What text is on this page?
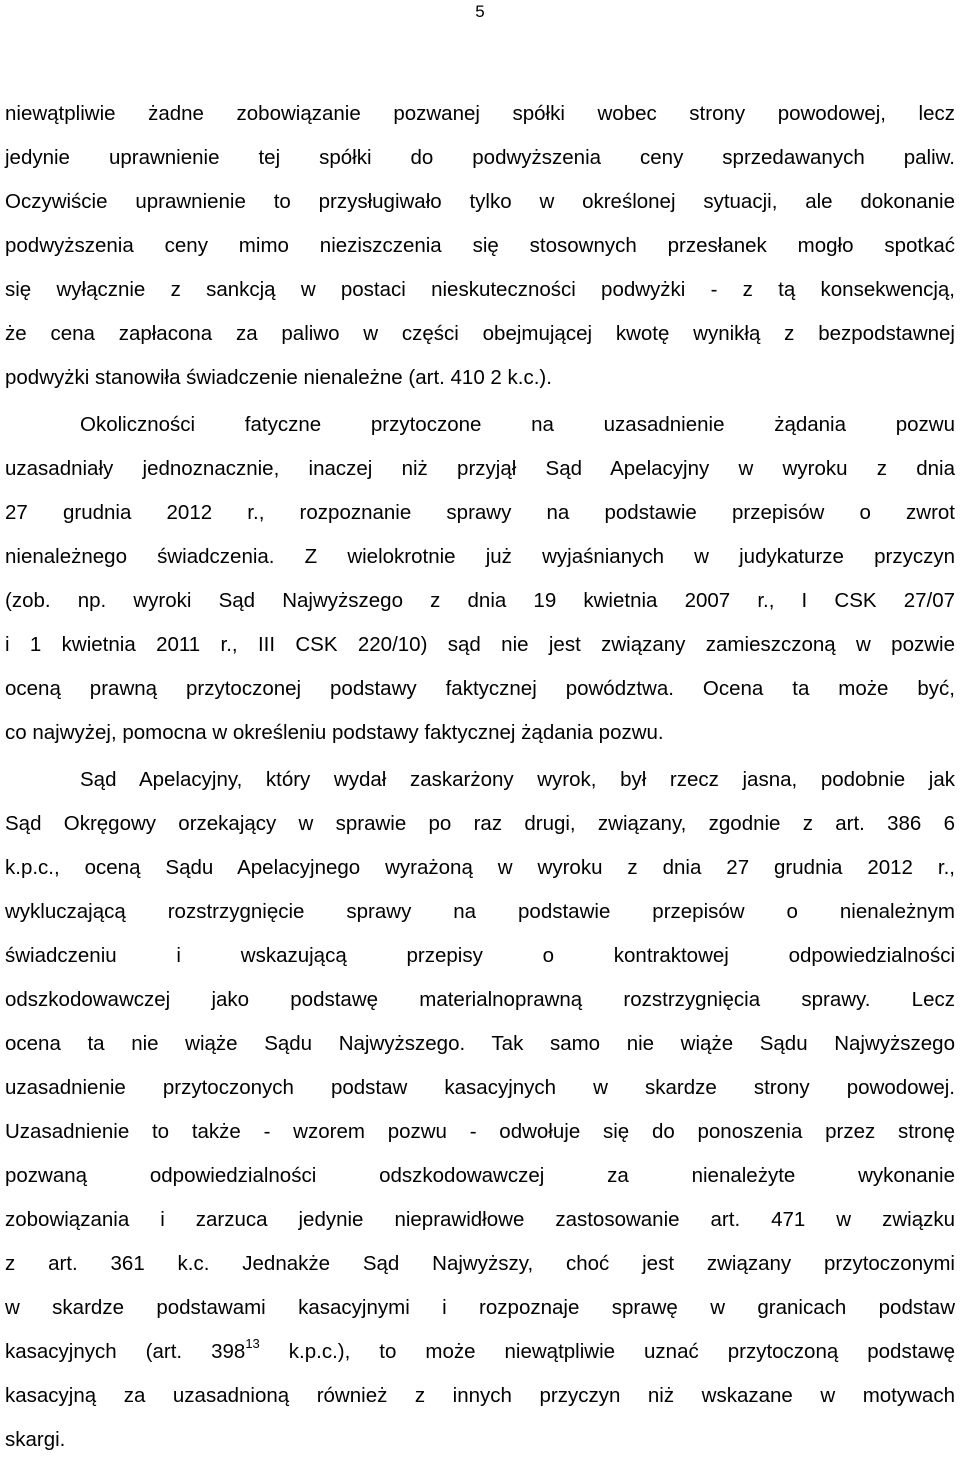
5
niewątpliwie żadne zobowiązanie pozwanej spółki wobec strony powodowej, lecz
jedynie uprawnienie tej spółki do podwyższenia ceny sprzedawanych paliw.
Oczywiście uprawnienie to przysługiwało tylko w określonej sytuacji, ale dokonanie
podwyższenia ceny mimo nieziszczenia się stosownych przesłanek mogło spotkać
się wyłącznie z sankcją w postaci nieskuteczności podwyżki - z tą konsekwencją,
że cena zapłacona za paliwo w części obejmującej kwotę wynikłą z bezpodstawnej
podwyżki stanowiła świadczenie nienależne (art. 410 2 k.c.).
Okoliczności fatyczne przytoczone na uzasadnienie żądania pozwu
uzasadniały jednoznacznie, inaczej niż przyjął Sąd Apelacyjny w wyroku z dnia
27 grudnia 2012 r., rozpoznanie sprawy na podstawie przepisów o zwrot
nienależnego świadczenia. Z wielokrotnie już wyjaśnianych w judykaturze przyczyn
(zob. np. wyroki Sąd Najwyższego z dnia 19 kwietnia 2007 r., I CSK 27/07
i 1 kwietnia 2011 r., III CSK 220/10) sąd nie jest związany zamieszczoną w pozwie
oceną prawną przytoczonej podstawy faktycznej powództwa. Ocena ta może być,
co najwyżej, pomocna w określeniu podstawy faktycznej żądania pozwu.
Sąd Apelacyjny, który wydał zaskarżony wyrok, był rzecz jasna, podobnie jak
Sąd Okręgowy orzekający w sprawie po raz drugi, związany, zgodnie z art. 386 6
k.p.c., oceną Sądu Apelacyjnego wyrażoną w wyroku z dnia 27 grudnia 2012 r.,
wykluczającą rozstrzygnięcie sprawy na podstawie przepisów o nienależnym
świadczeniu i wskazującą przepisy o kontraktowej odpowiedzialności
odszkodowawczej jako podstawę materialnoprawną rozstrzygnięcia sprawy. Lecz
ocena ta nie wiąże Sądu Najwyższego. Tak samo nie wiąże Sądu Najwyższego
uzasadnienie przytoczonych podstaw kasacyjnych w skardze strony powodowej.
Uzasadnienie to także - wzorem pozwu - odwołuje się do ponoszenia przez stronę
pozwaną odpowiedzialności odszkodowawczej za nienależyte wykonanie
zobowiązania i zarzuca jedynie nieprawidłowe zastosowanie art. 471 w związku
z art. 361 k.c. Jednakże Sąd Najwyższy, choć jest związany przytoczonymi
w skardze podstawami kasacyjnymi i rozpoznaje sprawę w granicach podstaw
kasacyjnych (art. $398^{13}$ k.p.c.), to może niewątpliwie uznać przytoczoną podstawę
kasacyjną za uzasadnioną również z innych przyczyn niż wskazane w motywach
skargi.
